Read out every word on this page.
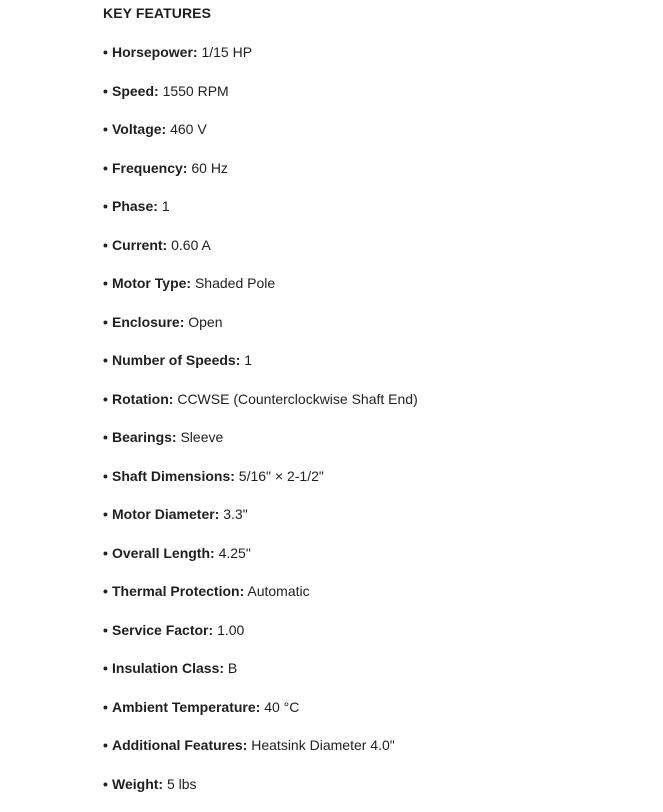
KEY FEATURES
• Horsepower: 1/15 HP
• Speed: 1550 RPM
• Voltage: 460 V
• Frequency: 60 Hz
• Phase: 1
• Current: 0.60 A
• Motor Type: Shaded Pole
• Enclosure: Open
• Number of Speeds: 1
• Rotation: CCWSE (Counterclockwise Shaft End)
• Bearings: Sleeve
• Shaft Dimensions: 5/16" × 2-1/2"
• Motor Diameter: 3.3"
• Overall Length: 4.25"
• Thermal Protection: Automatic
• Service Factor: 1.00
• Insulation Class: B
• Ambient Temperature: 40 °C
• Additional Features: Heatsink Diameter 4.0"
• Weight: 5 lbs
